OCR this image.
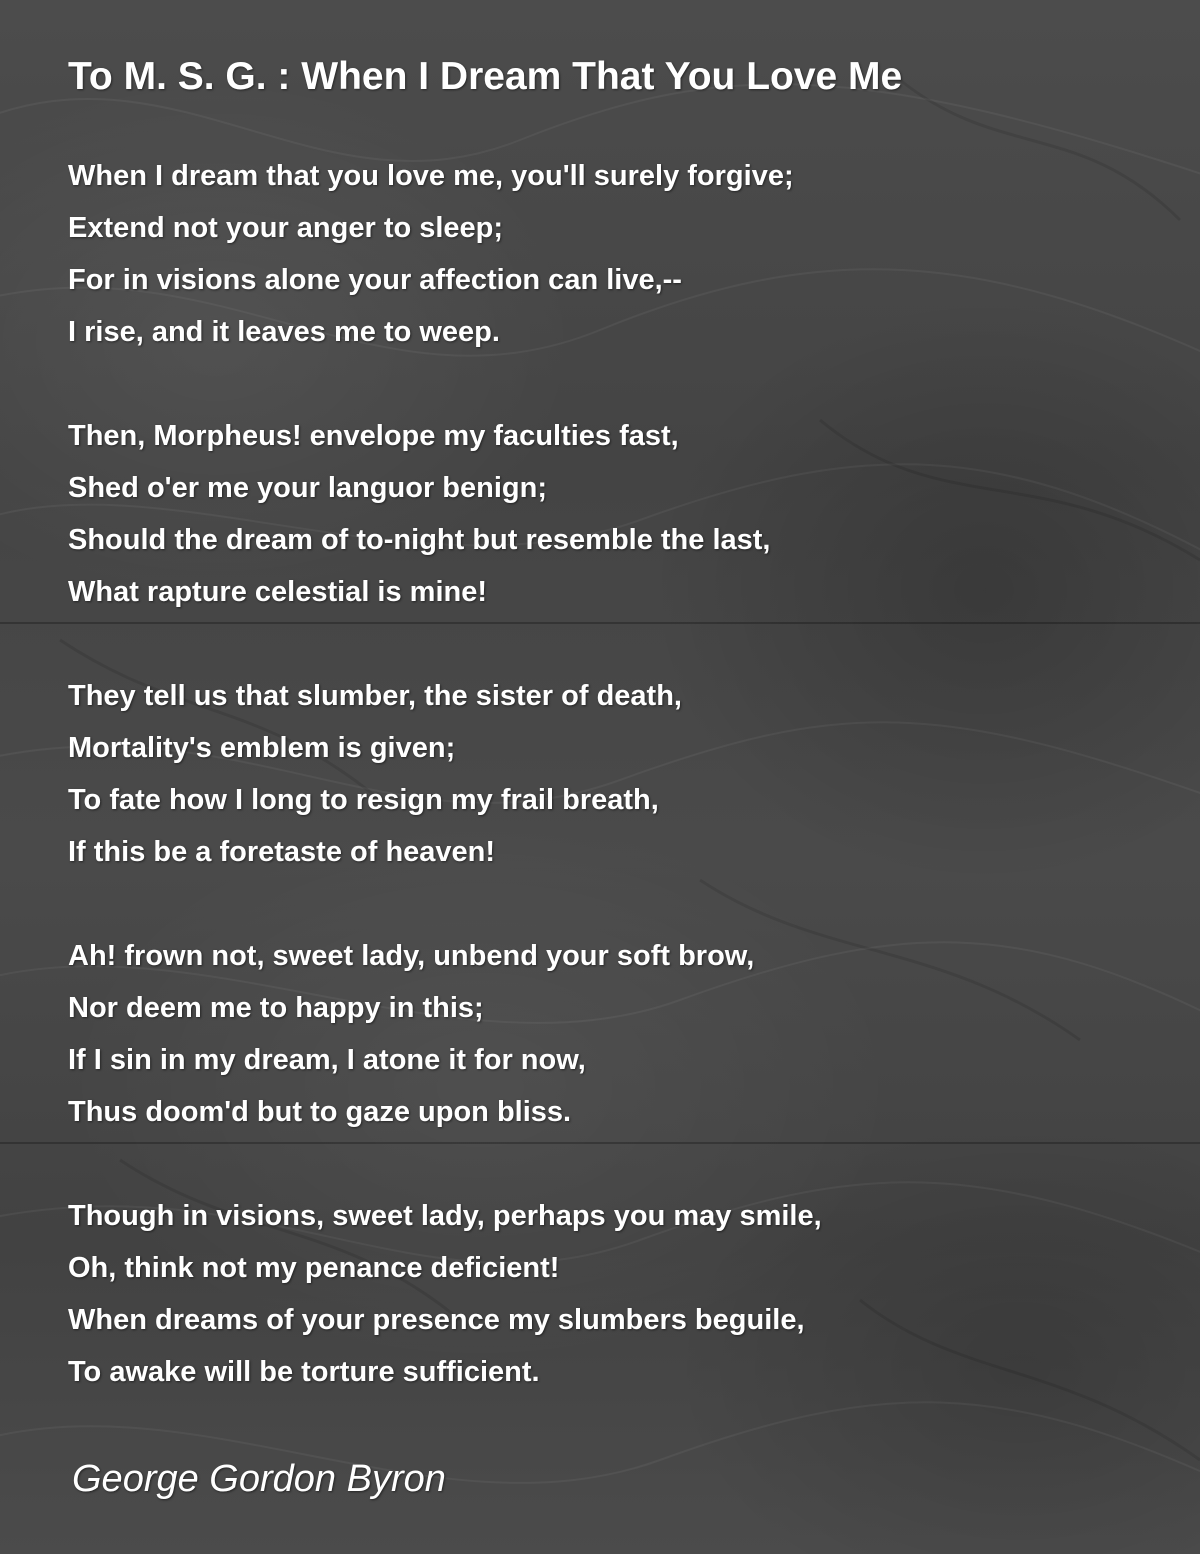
To M. S. G. : When I Dream That You Love Me
When I dream that you love me, you'll surely forgive;
Extend not your anger to sleep;
For in visions alone your affection can live,--
I rise, and it leaves me to weep.
Then, Morpheus! envelope my faculties fast,
Shed o'er me your languor benign;
Should the dream of to-night but resemble the last,
What rapture celestial is mine!
They tell us that slumber, the sister of death,
Mortality's emblem is given;
To fate how I long to resign my frail breath,
If this be a foretaste of heaven!
Ah! frown not, sweet lady, unbend your soft brow,
Nor deem me to happy in this;
If I sin in my dream, I atone it for now,
Thus doom'd but to gaze upon bliss.
Though in visions, sweet lady, perhaps you may smile,
Oh, think not my penance deficient!
When dreams of your presence my slumbers beguile,
To awake will be torture sufficient.
George Gordon Byron
